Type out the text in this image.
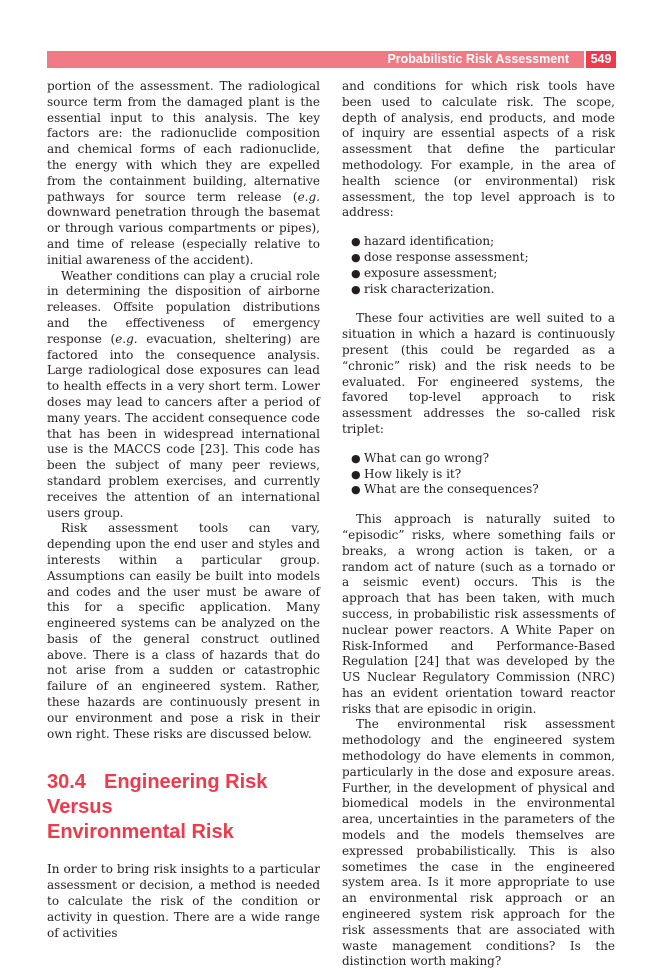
Probabilistic Risk Assessment	549

portion of the assessment. The radiological source term from the damaged plant is the essential input to this analysis. The key factors are: the radionuclide composition and chemical forms of each radionuclide, the energy with which they are expelled from the containment building, alternative pathways for source term release (e.g. downward penetration through the basemat or through various compartments or pipes), and time of release (especially relative to initial awareness of the accident).

Weather conditions can play a crucial role in determining the disposition of airborne releases. Offsite population distributions and the effectiveness of emergency response (e.g. evacuation, sheltering) are factored into the consequence analysis. Large radiological dose exposures can lead to health effects in a very short term. Lower doses may lead to cancers after a period of many years. The accident consequence code that has been in widespread international use is the MACCS code [23]. This code has been the subject of many peer reviews, standard problem exercises, and currently receives the attention of an international users group.

Risk assessment tools can vary, depending upon the end user and styles and interests within a particular group. Assumptions can easily be built into models and codes and the user must be aware of this for a specific application. Many engineered systems can be analyzed on the basis of the general construct outlined above. There is a class of hazards that do not arise from a sudden or catastrophic failure of an engineered system. Rather, these hazards are continuously present in our environment and pose a risk in their own right. These risks are discussed below.

30.4 Engineering Risk Versus
Environmental Risk

In order to bring risk insights to a particular assessment or decision, a method is needed to calculate the risk of the condition or activity in question. There are a wide range of activities

and conditions for which risk tools have been used to calculate risk. The scope, depth of analysis, end products, and mode of inquiry are essential aspects of a risk assessment that define the particular methodology. For example, in the area of health science (or environmental) risk assessment, the top level approach is to address:

● hazard identification;
● dose response assessment;
● exposure assessment;
● risk characterization.

These four activities are well suited to a situation in which a hazard is continuously present (this could be regarded as a “chronic” risk) and the risk needs to be evaluated. For engineered systems, the favored top-level approach to risk assessment addresses the so-called risk triplet:

● What can go wrong?
● How likely is it?
● What are the consequences?

This approach is naturally suited to “episodic” risks, where something fails or breaks, a wrong action is taken, or a random act of nature (such as a tornado or a seismic event) occurs. This is the approach that has been taken, with much success, in probabilistic risk assessments of nuclear power reactors. A White Paper on Risk-Informed and Performance-Based Regulation [24] that was developed by the US Nuclear Regulatory Commission (NRC) has an evident orientation toward reactor risks that are episodic in origin.

The environmental risk assessment methodology and the engineered system methodology do have elements in common, particularly in the dose and exposure areas. Further, in the development of physical and biomedical models in the environmental area, uncertainties in the parameters of the models and the models themselves are expressed probabilistically. This is also sometimes the case in the engineered system area. Is it more appropriate to use an environmental risk approach or an engineered system risk approach for the risk assessments that are associated with waste management conditions? Is the distinction worth making?
